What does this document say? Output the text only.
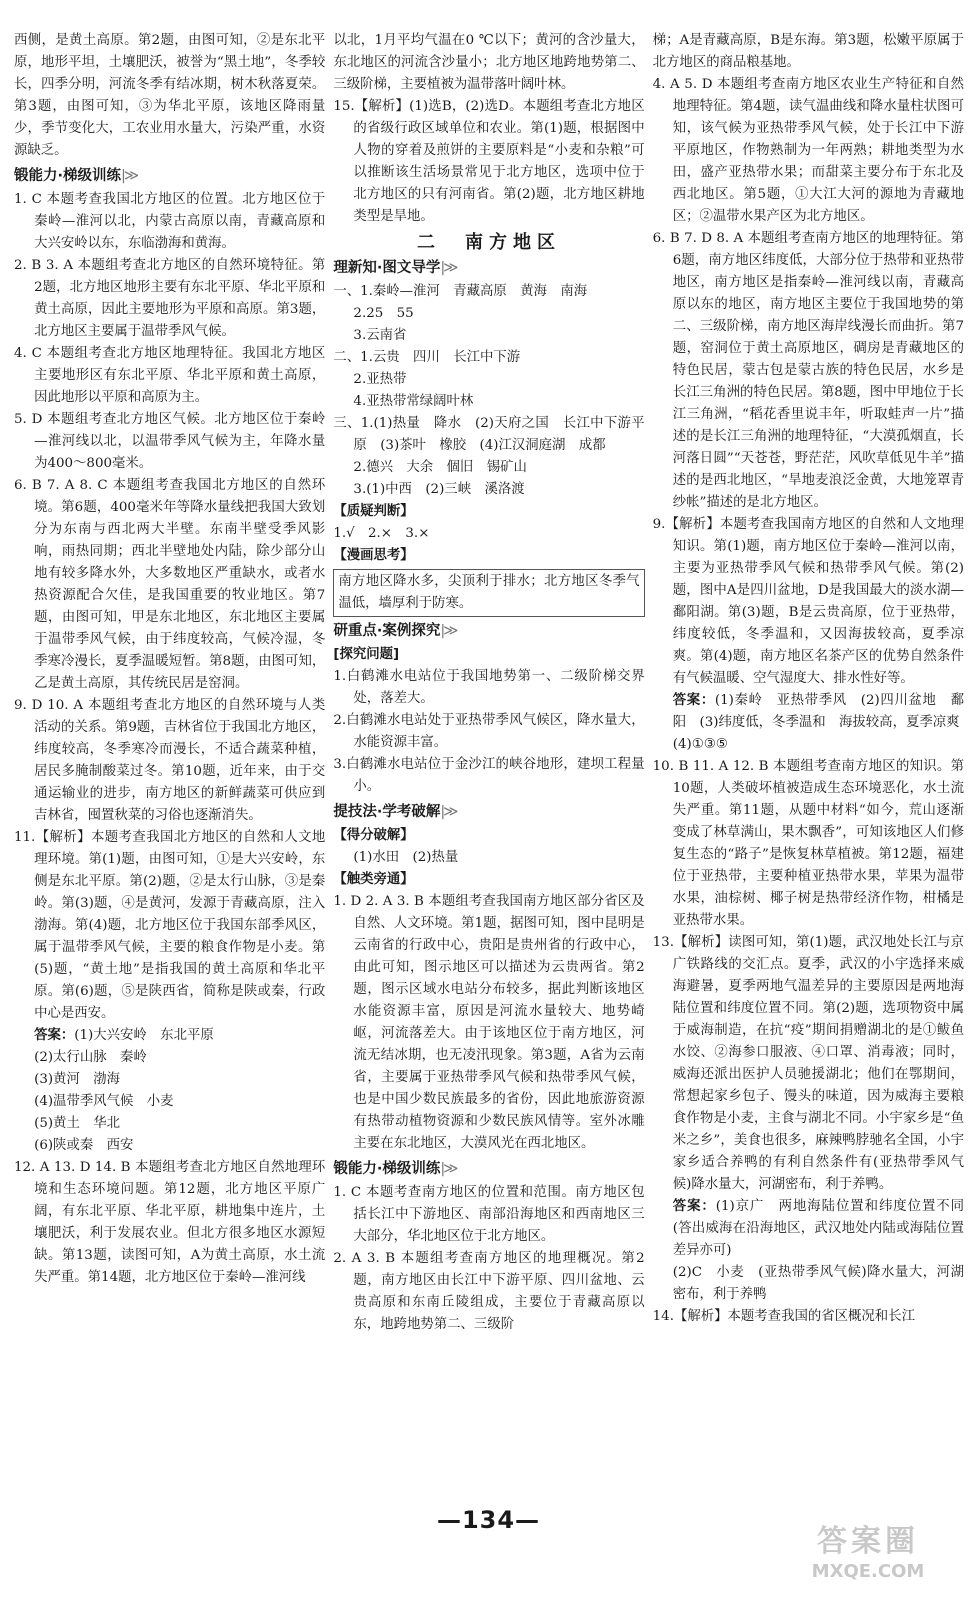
西侧，是黄土高原。第2题，由图可知，②是东北平原，地形平坦，土壤肥沃，被誉为“黑土地”，冬季较长，四季分明，河流冬季有结冰期，树木秋落夏荣。第3题，由图可知，③为华北平原，该地区降雨量少，季节变化大，工农业用水量大，污染严重，水资源缺乏。

锻能力·梯级训练|≫

1. C 本题考查我国北方地区的位置。北方地区位于秦岭—淮河以北，内蒙古高原以南，青藏高原和大兴安岭以东，东临渤海和黄海。

2. B 3. A 本题组考查北方地区的自然环境特征。第2题，北方地区地形主要有东北平原、华北平原和黄土高原，因此主要地形为平原和高原。第3题，北方地区主要属于温带季风气候。

4. C 本题组考查北方地区地理特征。我国北方地区主要地形区有东北平原、华北平原和黄土高原，因此地形以平原和高原为主。

5. D 本题组考查北方地区气候。北方地区位于秦岭—淮河线以北，以温带季风气候为主，年降水量为400～800毫米。

6. B 7. A 8. C 本题组考查我国北方地区的自然环境。第6题，400毫米年等降水量线把我国大致划分为东南与西北两大半壁。东南半壁受季风影响，雨热同期；西北半壁地处内陆，除少部分山地有较多降水外，大多数地区严重缺水，或者水热资源配合欠佳，是我国重要的牧业地区。第7题，由图可知，甲是东北地区，东北地区主要属于温带季风气候，由于纬度较高，气候冷湿，冬季寒冷漫长，夏季温暖短暂。第8题，由图可知，乙是黄土高原，其传统民居是窑洞。

9. D 10. A 本题组考查北方地区的自然环境与人类活动的关系。第9题，吉林省位于我国北方地区，纬度较高，冬季寒冷而漫长，不适合蔬菜种植，居民多腌制酸菜过冬。第10题，近年来，由于交通运输业的进步，南方地区的新鲜蔬菜可供应到吉林省，囤置秋菜的习俗也逐渐消失。

11.【解析】本题考查我国北方地区的自然和人文地理环境。第(1)题，由图可知，①是大兴安岭，东侧是东北平原。第(2)题，②是太行山脉，③是秦岭。第(3)题，④是黄河，发源于青藏高原，注入渤海。第(4)题，北方地区位于我国东部季风区，属于温带季风气候，主要的粮食作物是小麦。第(5)题，“黄土地”是指我国的黄土高原和华北平原。第(6)题，⑤是陕西省，简称是陕或秦，行政中心是西安。

答案：(1)大兴安岭　东北平原

(2)太行山脉　秦岭

(3)黄河　渤海

(4)温带季风气候　小麦

(5)黄土　华北

(6)陕或秦　西安

12. A 13. D 14. B 本题组考查北方地区自然地理环境和生态环境问题。第12题，北方地区平原广阔，有东北平原、华北平原，耕地集中连片，土壤肥沃，利于发展农业。但北方很多地区水源短缺。第13题，读图可知，A为黄土高原，水土流失严重。第14题，北方地区位于秦岭—淮河线

以北，1月平均气温在0 ℃以下；黄河的含沙量大，东北地区的河流含沙量小；北方地区地跨地势第二、三级阶梯，主要植被为温带落叶阔叶林。

15.【解析】(1)选B，(2)选D。本题组考查北方地区的省级行政区域单位和农业。第(1)题，根据图中人物的穿着及煎饼的主要原料是“小麦和杂粮”可以推断该生活场景常见于北方地区，选项中位于北方地区的只有河南省。第(2)题，北方地区耕地类型是旱地。

二　南方地区
理新知·图文导学|≫

一、1.秦岭—淮河　青藏高原　黄海　南海

2.25　55

3.云南省

二、1.云贵　四川　长江中下游

2.亚热带

4.亚热带常绿阔叶林

三、1.(1)热量　降水　(2)天府之国　长江中下游平原　(3)茶叶　橡胶　(4)江汉洞庭湖　成都

2.德兴　大余　個旧　锡矿山

3.(1)中西　(2)三峡　溪洛渡

【质疑判断】

1.√　2.×　3.×

【漫画思考】
南方地区降水多，尖顶利于排水；北方地区冬季气温低，墙厚利于防寒。
研重点·案例探究|≫
[探究问题]

1.白鹤滩水电站位于我国地势第一、二级阶梯交界处，落差大。

2.白鹤滩水电站处于亚热带季风气候区，降水量大，水能资源丰富。

3.白鹤滩水电站位于金沙江的峡谷地形，建坝工程量小。

提技法·学考破解|≫
【得分破解】

(1)水田　(2)热量

【触类旁通】

1. D 2. A 3. B 本题组考查我国南方地区部分省区及自然、人文环境。第1题，据图可知，图中昆明是云南省的行政中心，贵阳是贵州省的行政中心，由此可知，图示地区可以描述为云贵两省。第2题，图示区域水电站分布较多，据此判断该地区水能资源丰富，原因是河流水量较大、地势崎岖，河流落差大。由于该地区位于南方地区，河流无结冰期，也无凌汛现象。第3题，A省为云南省，主要属于亚热带季风气候和热带季风气候，也是中国少数民族最多的省份，因此地旅游资源有热带动植物资源和少数民族风情等。室外冰雕主要在东北地区，大漠风光在西北地区。

锻能力·梯级训练|≫

1. C 本题考查南方地区的位置和范围。南方地区包括长江中下游地区、南部沿海地区和西南地区三大部分，华北地区位于北方地区。

2. A 3. B 本题组考查南方地区的地理概况。第2题，南方地区由长江中下游平原、四川盆地、云贵高原和东南丘陵组成，主要位于青藏高原以东，地跨地势第二、三级阶

梯；A是青藏高原，B是东海。第3题，松嫩平原属于北方地区的商品粮基地。

4. A 5. D 本题组考查南方地区农业生产特征和自然地理特征。第4题，读气温曲线和降水量柱状图可知，该气候为亚热带季风气候，处于长江中下游平原地区，作物熟制为一年两熟；耕地类型为水田，盛产亚热带水果；而甜菜主要分布于东北及西北地区。第5题，①大江大河的源地为青藏地区；②温带水果产区为北方地区。

6. B 7. D 8. A 本题组考查南方地区的地理特征。第6题，南方地区纬度低，大部分位于热带和亚热带地区，南方地区是指秦岭—淮河线以南，青藏高原以东的地区，南方地区主要位于我国地势的第二、三级阶梯，南方地区海岸线漫长而曲折。第7题，窑洞位于黄土高原地区，碉房是青藏地区的特色民居，蒙古包是蒙古族的特色民居，水乡是长江三角洲的特色民居。第8题，图中甲地位于长江三角洲，“稻花香里说丰年，听取蛙声一片”描述的是长江三角洲的地理特征，“大漠孤烟直，长河落日圆”“天苍苍，野茫茫，风吹草低见牛羊”描述的是西北地区，“旱地麦浪泛金黄，大地笼罩青纱帐”描述的是北方地区。

9.【解析】本题考查我国南方地区的自然和人文地理知识。第(1)题，南方地区位于秦岭—淮河以南，主要为亚热带季风气候和热带季风气候。第(2)题，图中A是四川盆地，D是我国最大的淡水湖—鄱阳湖。第(3)题，B是云贵高原，位于亚热带，纬度较低，冬季温和，又因海拔较高，夏季凉爽。第(4)题，南方地区名茶产区的优势自然条件有气候温暖、空气湿度大、排水性好等。

答案：(1)秦岭　亚热带季风　(2)四川盆地　鄱阳　(3)纬度低，冬季温和　海拔较高，夏季凉爽

(4)①③⑤

10. B 11. A 12. B 本题组考查南方地区的知识。第10题，人类破坏植被造成生态环境恶化，水土流失严重。第11题，从题中材料“如今，荒山逐渐变成了林草满山，果木飘香”，可知该地区人们修复生态的“路子”是恢复林草植被。第12题，福建位于亚热带，主要种植亚热带水果，苹果为温带水果，油棕树、椰子树是热带经济作物，柑橘是亚热带水果。

13.【解析】读图可知，第(1)题，武汉地处长江与京广铁路线的交汇点。夏季，武汉的小宇选择来威海避暑，夏季两地气温差异的主要原因是两地海陆位置和纬度位置不同。第(2)题，选项物资中属于威海制造，在抗“疫”期间捐赠湖北的是①鲅鱼水饺、②海参口服液、④口罩、消毒液；同时，威海还派出医护人员驰援湖北；他们在鄂期间，常想起家乡包子、馒头的味道，因为威海主要粮食作物是小麦，主食与湖北不同。小宇家乡是“鱼米之乡”，美食也很多，麻辣鸭脖驰名全国，小宇家乡适合养鸭的有利自然条件有(亚热带季风气候)降水量大，河湖密布，利于养鸭。

答案：(1)京广　两地海陆位置和纬度位置不同(答出威海在沿海地区，武汉地处内陆或海陆位置差异亦可)

(2)C　小麦　(亚热带季风气候)降水量大，河湖密布，利于养鸭

14.【解析】本题考查我国的省区概况和长江

—134—
答案圈
MXQE.COM
